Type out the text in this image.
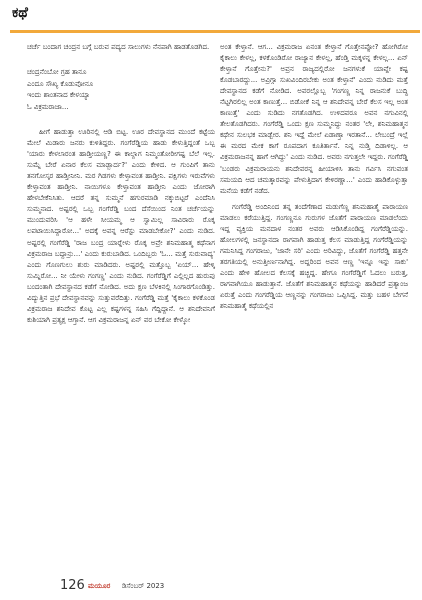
ಕಥೆ

ಚರ್ಚೆ ಬಂದಾಗ ಚಂದ್ರನ ಬಗ್ಗೆ ಬರುವ ಪದ್ಯದ ಸಾಲುಗಳು ನೆನಪಾಗಿ ಹಾಡತೊಡಗಿದ.

ಚಂದ್ರನೆಂಬೋ ಗ್ರಹ ತಾನೂ
ಎಂದೂ ಸೌಖ್ಯ ಕೊಡುವೋನೂ
ಇಂದು ಶಾಂತನಾದ ಕೇಳಯ್ಯಾ
ಓ ವಿಕ್ರಮರಾಜಾ...

ಹೀಗೆ ಹಾಡುತ್ತಾ ಊರಿನಲ್ಲಿ ಆಡಿ ಬಿಟ್ಟ. ಊರ ದೇವಸ್ಥಾನದ ಮುಂದೆ ಕಟ್ಟೆಯ ಮೇಲೆ ಮಿಡಾರು ಜನರು ಕುಳಿತಿದ್ದರು. ಗಂಗೆರೆಡ್ಡಿಯ ಹಾಡು ಕೇಳುತ್ತಿದ್ದಂತೆ ಒಬ್ಬ 'ಯಾರು ಕೇಳಲಾರಂತ ಹಾಡ್ತೀಯಣ್ಣ? ಈ ಕಾಲ್ದಾಗ ನಿಮ್ಮಂತೋರೀಗಷ್ಟ ಬೆಲೆ ಇಲ್ಲ. ಸುಮ್ನೆ ಬೇರೆ ಏನಾರ ಕೆಲಸ ಮಾಡ್ಬಾರ್ದ?' ಎಂದು ಕೇಳಿದ. ಆ ಗುಂಪಿಗೆ ತಾನು ತನಗೋಸ್ಕರ ಹಾಡ್ತೀನೀನಿ. ಮರ ಗಿಡಗಳು ಕೇಳ್ತಾವಂತ ಹಾಡ್ತೀನಿ. ಪಕ್ಷಿಗಳು ಇರುವೆಗಳು ಕೇಳ್ತಾವಂತ ಹಾಡ್ತೀನಿ. ನಾಯಿಗಳೂ ಕೇಳ್ತಾವಂತ ಹಾಡ್ತೀನಿ ಎಂದು ಜೋರಾಗಿ ಹೇಳಬೇಕೆನಿಸಿತು. ಆದರೆ ತನ್ನ ಸುಮ್ಮನೆ ಹಗುರಮಾಡಿ ನಕ್ಕುಬಿಟ್ಟರೆ ಎಂದೆನಿಸಿ ಸುಮ್ಮನಾದ. ಅಷ್ಟರಲ್ಲಿ ಒಬ್ಬ ಗಂಗೆರೆಡ್ಡಿ ಬಂದ ದೆಸೆಯಿಂದ ನಿಂತ ಚರ್ಚೆಯನ್ನು ಮುಂದುವರಿಸಿ 'ಆ ಹಳೇ ಸೀಯಮ್ಮ ಆ ಸ್ವಾಮಿಲ್ಲ ಸಾವಿರಾರು ರೊಕ್ಕ ಲಪಟಾಯಿಸಿದ್ದಾರೋ...' ಅದಕ್ಕೆ ಅವನ್ನ ಆರೆಸ್ಟು ಮಾಡಬೇಕೋ?' ಎಂದು ನುಡಿದ. ಅಷ್ಟರಲ್ಲಿ ಗಂಗೆರೆಡ್ಡಿ 'ರಾಜ ಬಂದ್ರ ಯಾರ್‍ನೇಳು ರೊಕ್ಕ ಅವ್ರೇ ಶನಿಮಹಾತ್ಮ ಕಥೆನಾಗ ವಿಕ್ರಮರಾಜ ಬದ್ದಾನ್ರು...' ಎಂದು ಕುರುಬಾಡಿದ. ಒಂದಿಬ್ಬರು 'ಓ... ಮತ್ತೆ ಸುರುವಾದ್ಯ' ಎಂದು ಗೊಣಗುಲು ಶುರು ಮಾಡಿದರು. ಅಷ್ಟರಲ್ಲಿ ಮತ್ತೊಬ್ಬ 'ಏಯ್... ಹೇಳ್ಕಿ ಸುಮ್ನಿರೋ... ನೀ ಯೇಳು ಗಂಗಣ್ಣ' ಎಂದು ನುಡಿದ. ಗಂಗೆರೆಡ್ಡಿಗೆ ಎಲ್ಲಿಲ್ಲದ ಹುರುಪು ಬಂದಂತಾಗಿ ದೇವಸ್ಥಾನದ ಕಡೆಗೆ ನೋಡಿದ. ಅದು ಕ್ಷಣ ಬೆಳಕಿನಲ್ಲಿ ಸಿಂಗಾರಗೊಂಡಿತ್ತು. ವಿದ್ಯುತ್ತಿನ ಪ್ರಭೆ ದೇವಸ್ಥಾನವನ್ನು ಸುತ್ತುವರೆದಿತ್ತು. ಗಂಗೆರೆಡ್ಡಿ ಮತ್ತೆ 'ಕೈಕಾಲು ಕಳಕೊಂಡ ವಿಕ್ರಮರಾಜ ಶನಿದೇವ ಕೊಟ್ಟ ಎಲ್ಲ ಕಷ್ಟಗಳನ್ನ ಸಹಿಸಿ ಗೆದ್ದಿದ್ದಾನೆ. ಆ ಶನಿದೇವನಿಗೆ ಕುಶಿಯಾಗಿ ಪ್ರತ್ಯಕ್ಷ ಆಗ್ತಾನೆ. ಆಗ ವಿಕ್ರಮರಾಜನ್ನ ಏನ್ ವರ ಬೇಕೋ ಕೇಳ್ಕೋ

ಅಂತ ಕೇಳ್ತಾನೆ. ಆಗ... ವಿಕ್ರಮರಾಜ ಏನಂತ ಕೇಳ್ತಾನೆ ಗೊತ್ತೇನಪ್ಪೋ? ಹೋಗಿರೋ ಕೈಕಾಲು ಕೇಳಲ್ಲ, ಕಳಕೊಂಡಿರೋ ರಾಜ್ಯಾನ ಕೇಳಲ್ಲ, ಹೆಂಡ್ತಿ ಮಕ್ಕಳನ್ನ ಕೇಳಲ್ಲ... ಏನ್ ಕೇಳ್ತಾನೆ ಗೊತ್ತೇನು?' ಅವ್ರನ ರಾಜ್ಯದಲ್ಲಿರೋ ಜನಗಳುಕೆ ಯಾವ್ದೇ ಕಷ್ಟ ಕೊಡಬಾರದ್ದು... ಅವ್ರಿಗ್ಗಾ ಸುಖವಿಂದಿರಬೇಕು ಅಂತ ಕೇಳ್ತಾನೆ' ಎಂದು ನುಡಿದು ಮತ್ತೆ ದೇವಸ್ಥಾನದ ಕಡೆಗೆ ನೋಡಿದ. ಅವರಲ್ಲೊಬ್ಬ 'ಗಂಗಣ್ಣ ನಿನ್ನ ರಾಜನುಕೆ ಬುದ್ಧಿ ನೆಟ್ಟಗಿರಲಿಲ್ಲ ಅಂತ ಕಾಣುತ್ತೆ... ಬಿಡೋಕೆ ನಿನ್ನ ಆ ಶನಿದೇವನ್ನ ಬೇರೆ ಕೆಲಸ ಇಲ್ಲ ಅಂತ ಕಾಣುತ್ತೆ' ಎಂದು ಸುಡಿದು ನಗತೊಡಗಿದ. ಉಳಿದವರೂ ಅವನ ನಗುವಿನಲ್ಲಿ ತೇಲತೊಡಗಿದರು. ಗಂಗೆರೆಡ್ಡಿ ಒಂದು ಕ್ಷಣ ಸುಮ್ಮನಿದ್ದು ನಂತರ 'ಲೇ, ಶನಿಮಹಾತ್ಮನ ಕಥೇನ ಸುಲಭಕ ಮಾಡ್ಬೇರ. ಶನಿ ಇದ್ದೆ ಮೇಲೆ ಏಡಾಣ್ತಾ ಇರತಾನೆ... ಲೇಬಂದ್ರೆ ಇಲ್ಲೆ ಈ ಮರದ ಮೇಕ ಕಾಗೆ ರೂಪದಾಗ ಕೂತಿರ್ತಾನೆ. ನಿನ್ನ ನುಡ್ತಿ ದಿಡಾಳಿಲ್ಲ. ಆ ವಿಕ್ರಮರಾಜನನ್ನ ಹಾಗೆ ಆಗಿದ್ದು' ಎಂದು ನುಡಿದ. ಅವರು ನಗುತ್ತಲೇ ಇದ್ದರು. ಗಂಗೆರೆಡ್ಡಿ 'ಬಂಡರು ವಿಕ್ರಮರಾಯನು ಶನಿದೇವರನ್ನ ಹೀಯಾಳಿಸಿ ತಾನು ಗರ್ವಿಸಿ ನಗುವಂತ ಸಮಯದಿ ಆದ ಚಮತ್ಕಾರವನ್ನು ಪೇಳುತ್ತಿದಾಗ ಕೇಳಿರಣ್ಣಾ...' ಎಂದು ಹಾಡಿಕೊಳ್ಳುತ್ತಾ ಮನೆಯ ಕಡೆಗೆ ನಡೆದ.

ಗಂಗೆರೆಡ್ಡಿ ಅಂದಿನಿಂದ ತನ್ನ ತಂದೆಗೆಣಾದ ಮಡುಗೆಣ್ಣ ಶನಿಮಹಾತ್ಮೆ ಪಾರಾಯಣ ಮಾಡಲು ಕರೆಯುತ್ತಿದ್ದ. ಗಂಗಣ್ಣನೂ ಗುರುಗಳ ಜೊತೆಗೆ ಪಾರಾಯಣ ಮಾಡಲೆಂದು ಇದ್ದ ವ್ಯಕ್ತಿಯ ಮನದಾಳ ನಂತರ ಅವರು ಆಡಿಸಿಕೊಂಡಿದ್ದ ಗಂಗೆರೆಡ್ಡಿಯನ್ನು. ಹೋಲಗಳಲ್ಲಿ ಜನಸ್ಥಾನದಾ ರಾಗವಾಗಿ ಹಾಡುತ್ತ ಕೆಲಸ ಮಾಡುತ್ತಿದ್ದ ಗಂಗೆರೆಡ್ಡಿಯನ್ನು ಗಮನಿಸಿದ್ದ ಗಂಗರಾಜು, 'ಜಾನೇ ಸರಿ' ಎಂದು ಅರಿವಿದ್ದು, ಜೊತೆಗೆ ಗಂಗೆರೆಡ್ಡಿ ಹತ್ತನೇ ತರಗತಿಯಲ್ಲಿ ಅನುತ್ತೀರ್ಣನಾಗಿದ್ದ. ಅದ್ದರಿಂದ ಅವನ ಆಣ್ಣ 'ಇನ್ನೂ ಇನ್ನು ಸಾಕು' ಎಂದು ಹೇಳಿ ಹೋಲದ ಕೆಲಸಕ್ಕೆ ಹಚ್ಚಿದ್ದ. ಹೇಗೂ ಗಂಗೆರೆಡ್ಡಿಗೆ ಓದಲು ಬರುತ್ತ, ರಾಗವಾಗಿಯೂ ಹಾಡುತ್ತಾನೆ. ಜೊತೆಗೆ ಶನಿಮಹಾತ್ಮನ ಕಥೆಯನ್ನು ಹಾಡಿದರೆ ಪ್ರತ್ಯಾಂಜ ಏರುತ್ತೆ ಎಂದು ಗಂಗರೆಡ್ಡಿಯ ಆಣ್ಣನನ್ನು ಗಂಗರಾಜು ಒಪ್ಪಿಸಿದ್ದ. ಮತ್ತು ಬಹಳ ಬೇಗನೆ ಶನಿಮಹಾತ್ಮೆ ಕಥೆಯಲ್ಲಿನ

126 ಮಯೂರ ಡಿಸೆಂಬರ್ 2023
